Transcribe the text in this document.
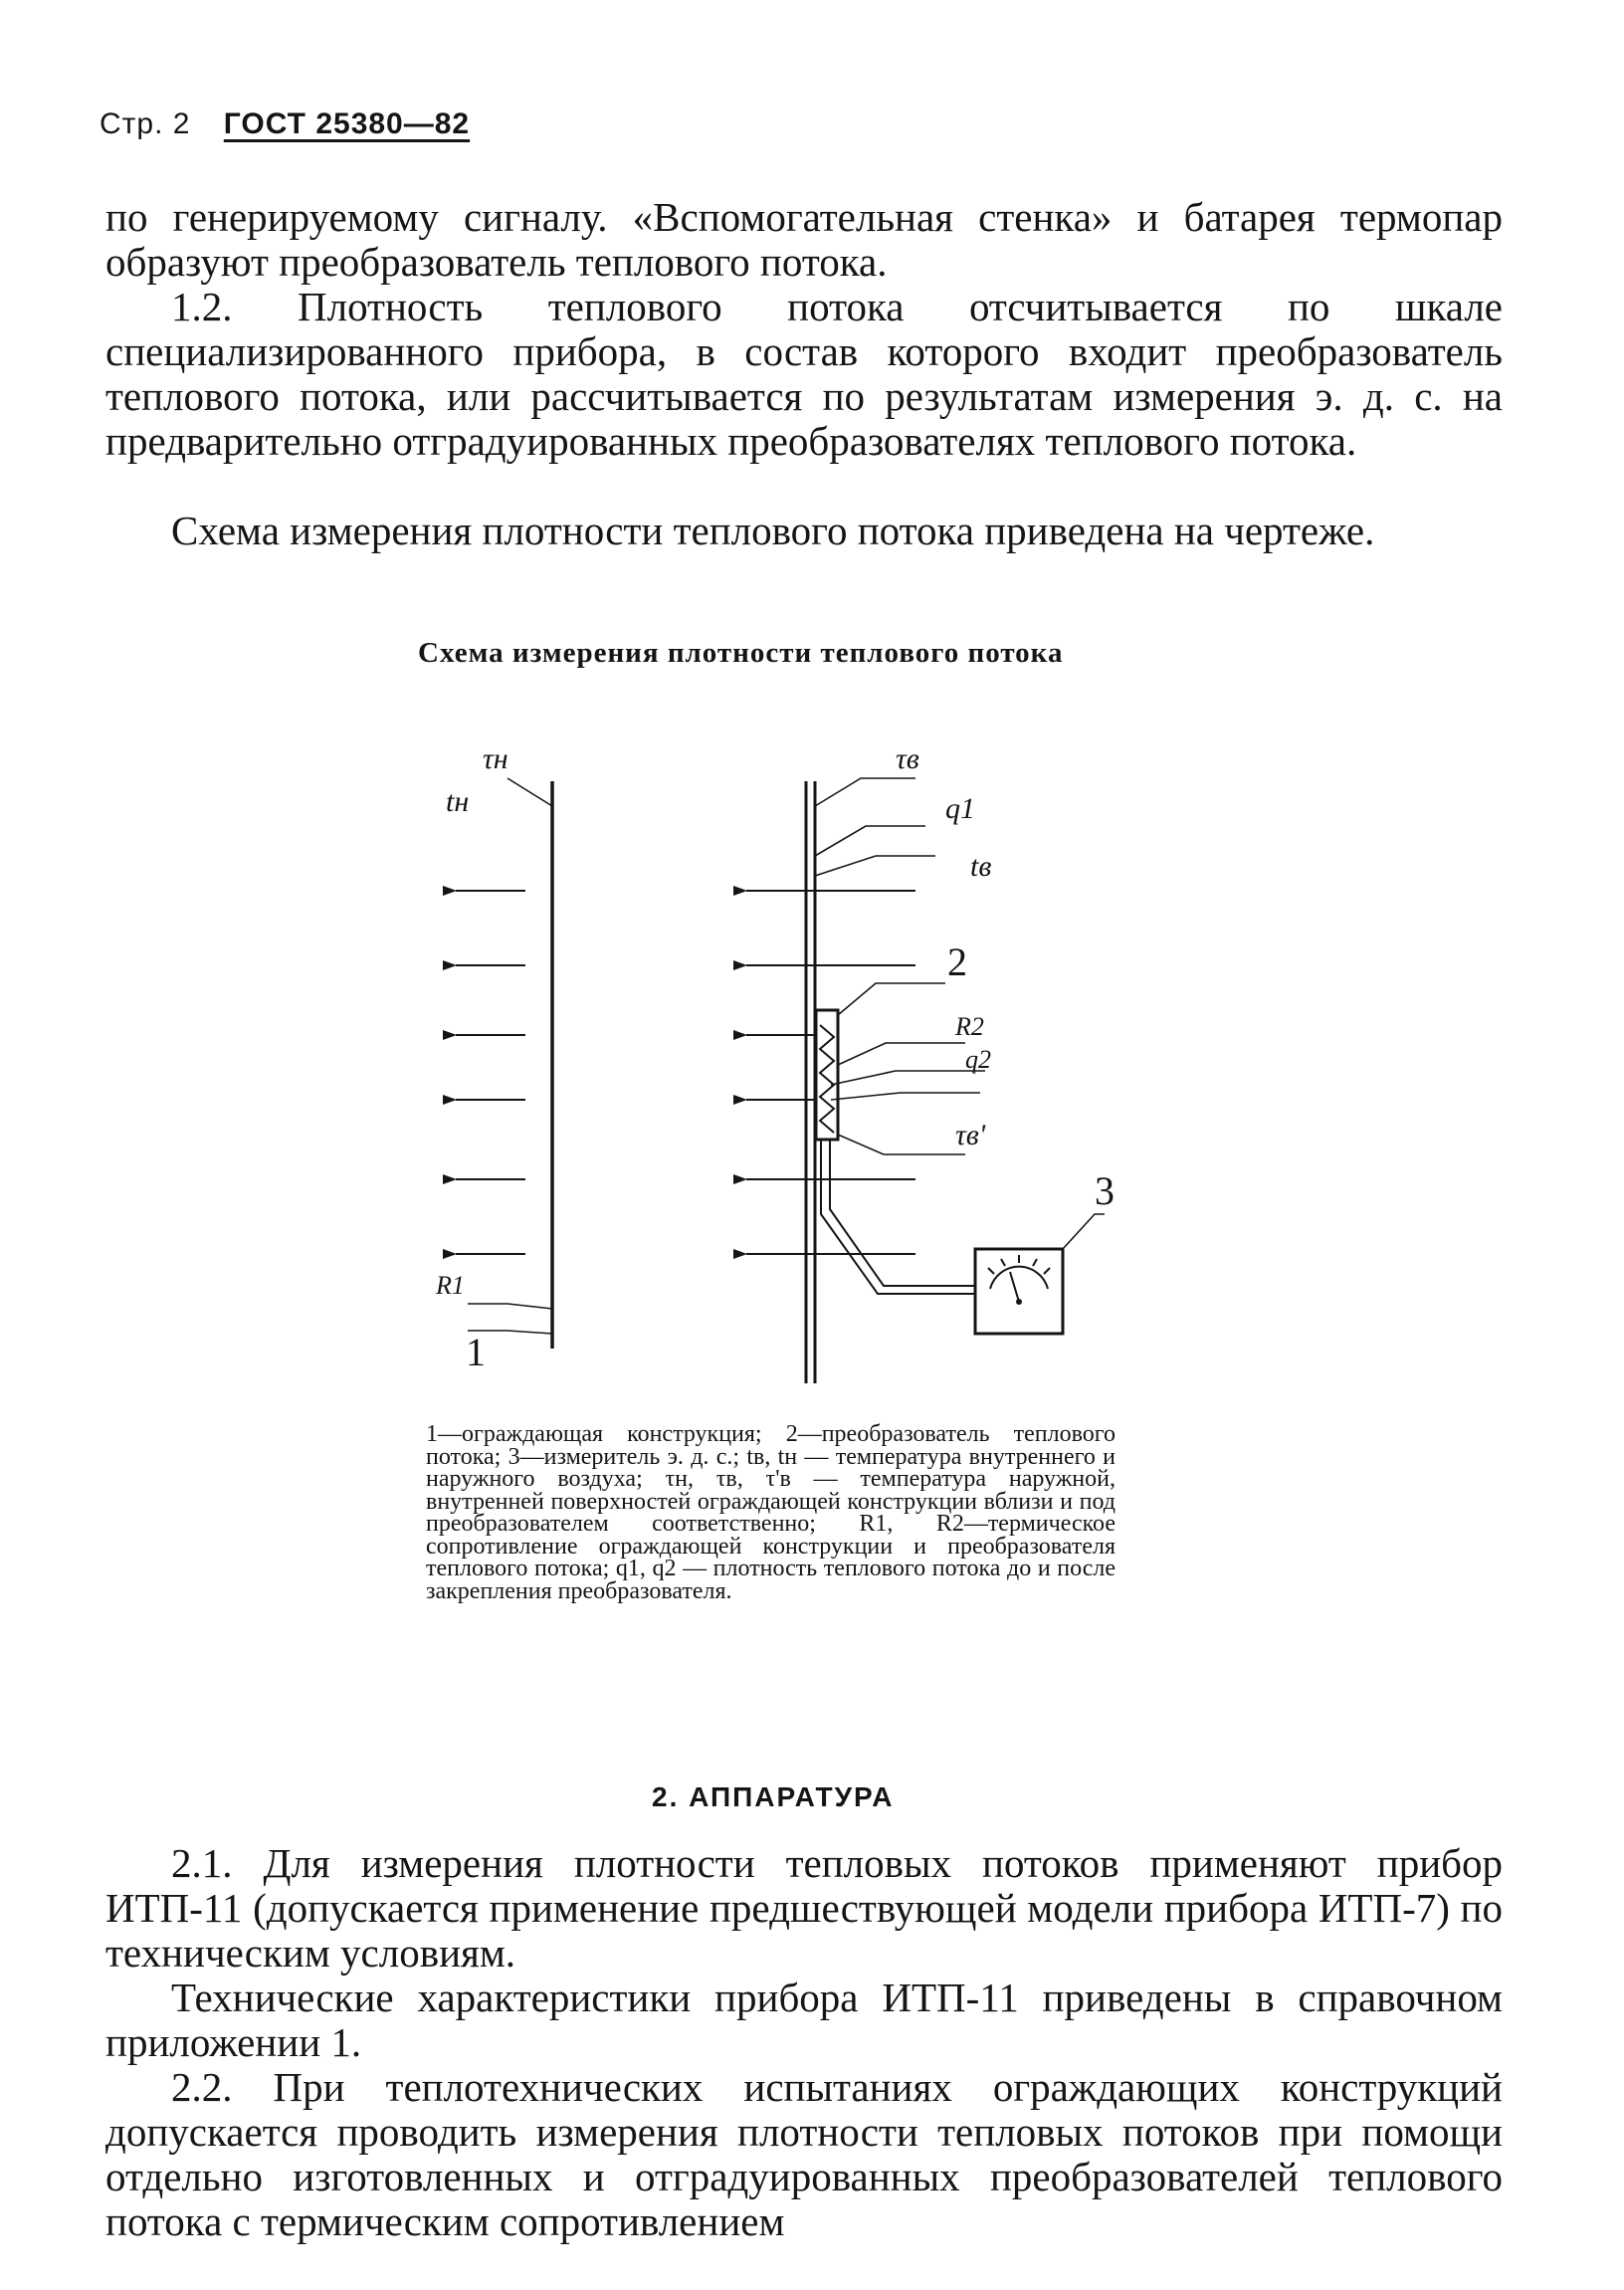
Стр. 2 ГОСТ 25380—82

по генерируемому сигналу. «Вспомогательная стенка» и батарея термопар образуют преобразователь теплового потока.

1.2. Плотность теплового потока отсчитывается по шкале специализированного прибора, в состав которого входит преобразователь теплового потока, или рассчитывается по результатам измерения э. д. с. на предварительно отградуированных преобразователях теплового потока.

Схема измерения плотности теплового потока приведена на чертеже.

Схема измерения плотности теплового потока

τн
tн
τв
q1
tв
2
R2
q2
τв'
3
R1
1

1—ограждающая конструкция; 2—преобразователь теплового потока; 3—измеритель э. д. с.; tв, tн — температура внутреннего и наружного воздуха; τн, τв, τ'в — температура наружной, внутренней поверхностей ограждающей конструкции вблизи и под преобразователем соответственно; R1, R2—термическое сопротивление ограждающей конструкции и преобразователя теплового потока; q1, q2 — плотность теплового потока до и после закрепления преобразователя.

2. АППАРАТУРА

2.1. Для измерения плотности тепловых потоков применяют прибор ИТП-11 (допускается применение предшествующей модели прибора ИТП-7) по техническим условиям.

Технические характеристики прибора ИТП-11 приведены в справочном приложении 1.

2.2. При теплотехнических испытаниях ограждающих конструкций допускается проводить измерения плотности тепловых потоков при помощи отдельно изготовленных и отградуированных преобразователей теплового потока с термическим сопротивлением
